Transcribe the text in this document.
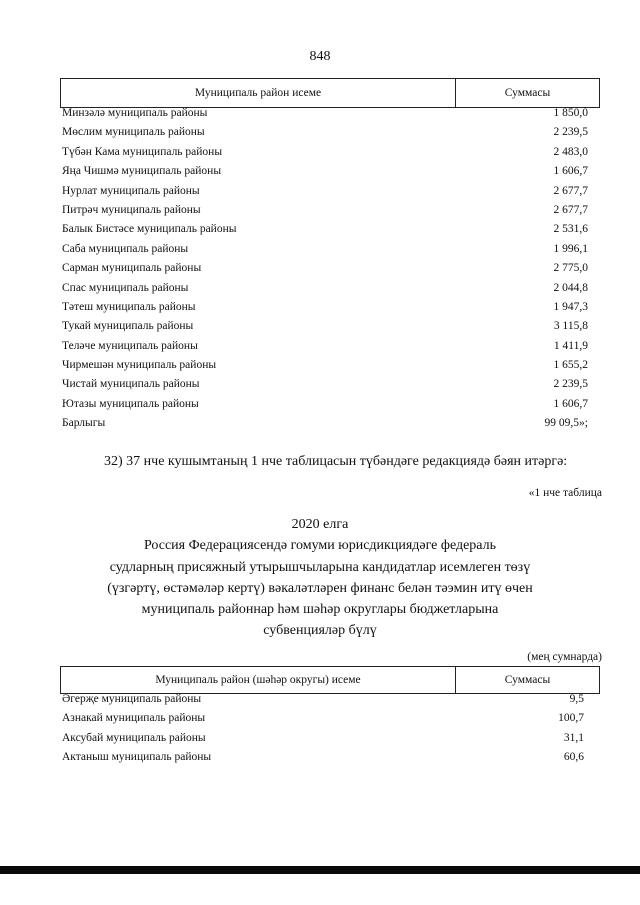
848
Муниципаль район исеме	Суммасы
Минзәлә муниципаль районы	1 850,0
Мөслим муниципаль районы	2 239,5
Түбән Кама муниципаль районы	2 483,0
Яңа Чишмә муниципаль районы	1 606,7
Нурлат муниципаль районы	2 677,7
Питрәч муниципаль районы	2 677,7
Балык Бистәсе муниципаль районы	2 531,6
Саба муниципаль районы	1 996,1
Сарман муниципаль районы	2 775,0
Спас муниципаль районы	2 044,8
Тәтеш муниципаль районы	1 947,3
Тукай муниципаль районы	3 115,8
Теләче муниципаль районы	1 411,9
Чирмешән муниципаль районы	1 655,2
Чистай муниципаль районы	2 239,5
Ютазы муниципаль районы	1 606,7
Барлыгы	99 09,5»;
32) 37 нче кушымтаның 1 нче таблицасын түбәндәге редакциядә бәян итәргә:
«1 нче таблица
2020 елга
Россия Федерациясендә гомуми юрисдикциядәге федераль
судларның присяжный утырышчыларына кандидатлар исемлеген төзү
(үзгәртү, өстәмәләр кертү) вәкаләтләрен финанс белән тәэмин итү өчен
муниципаль районнар һәм шәһәр округлары бюджетларына
субвенцияләр бүлү
(мең сумнарда)
Муниципаль район (шәһәр округы) исеме	Суммасы
Әгерҗе муниципаль районы	9,5
Азнакай муниципаль районы	100,7
Аксубай муниципаль районы	31,1
Актаныш муниципаль районы	60,6
